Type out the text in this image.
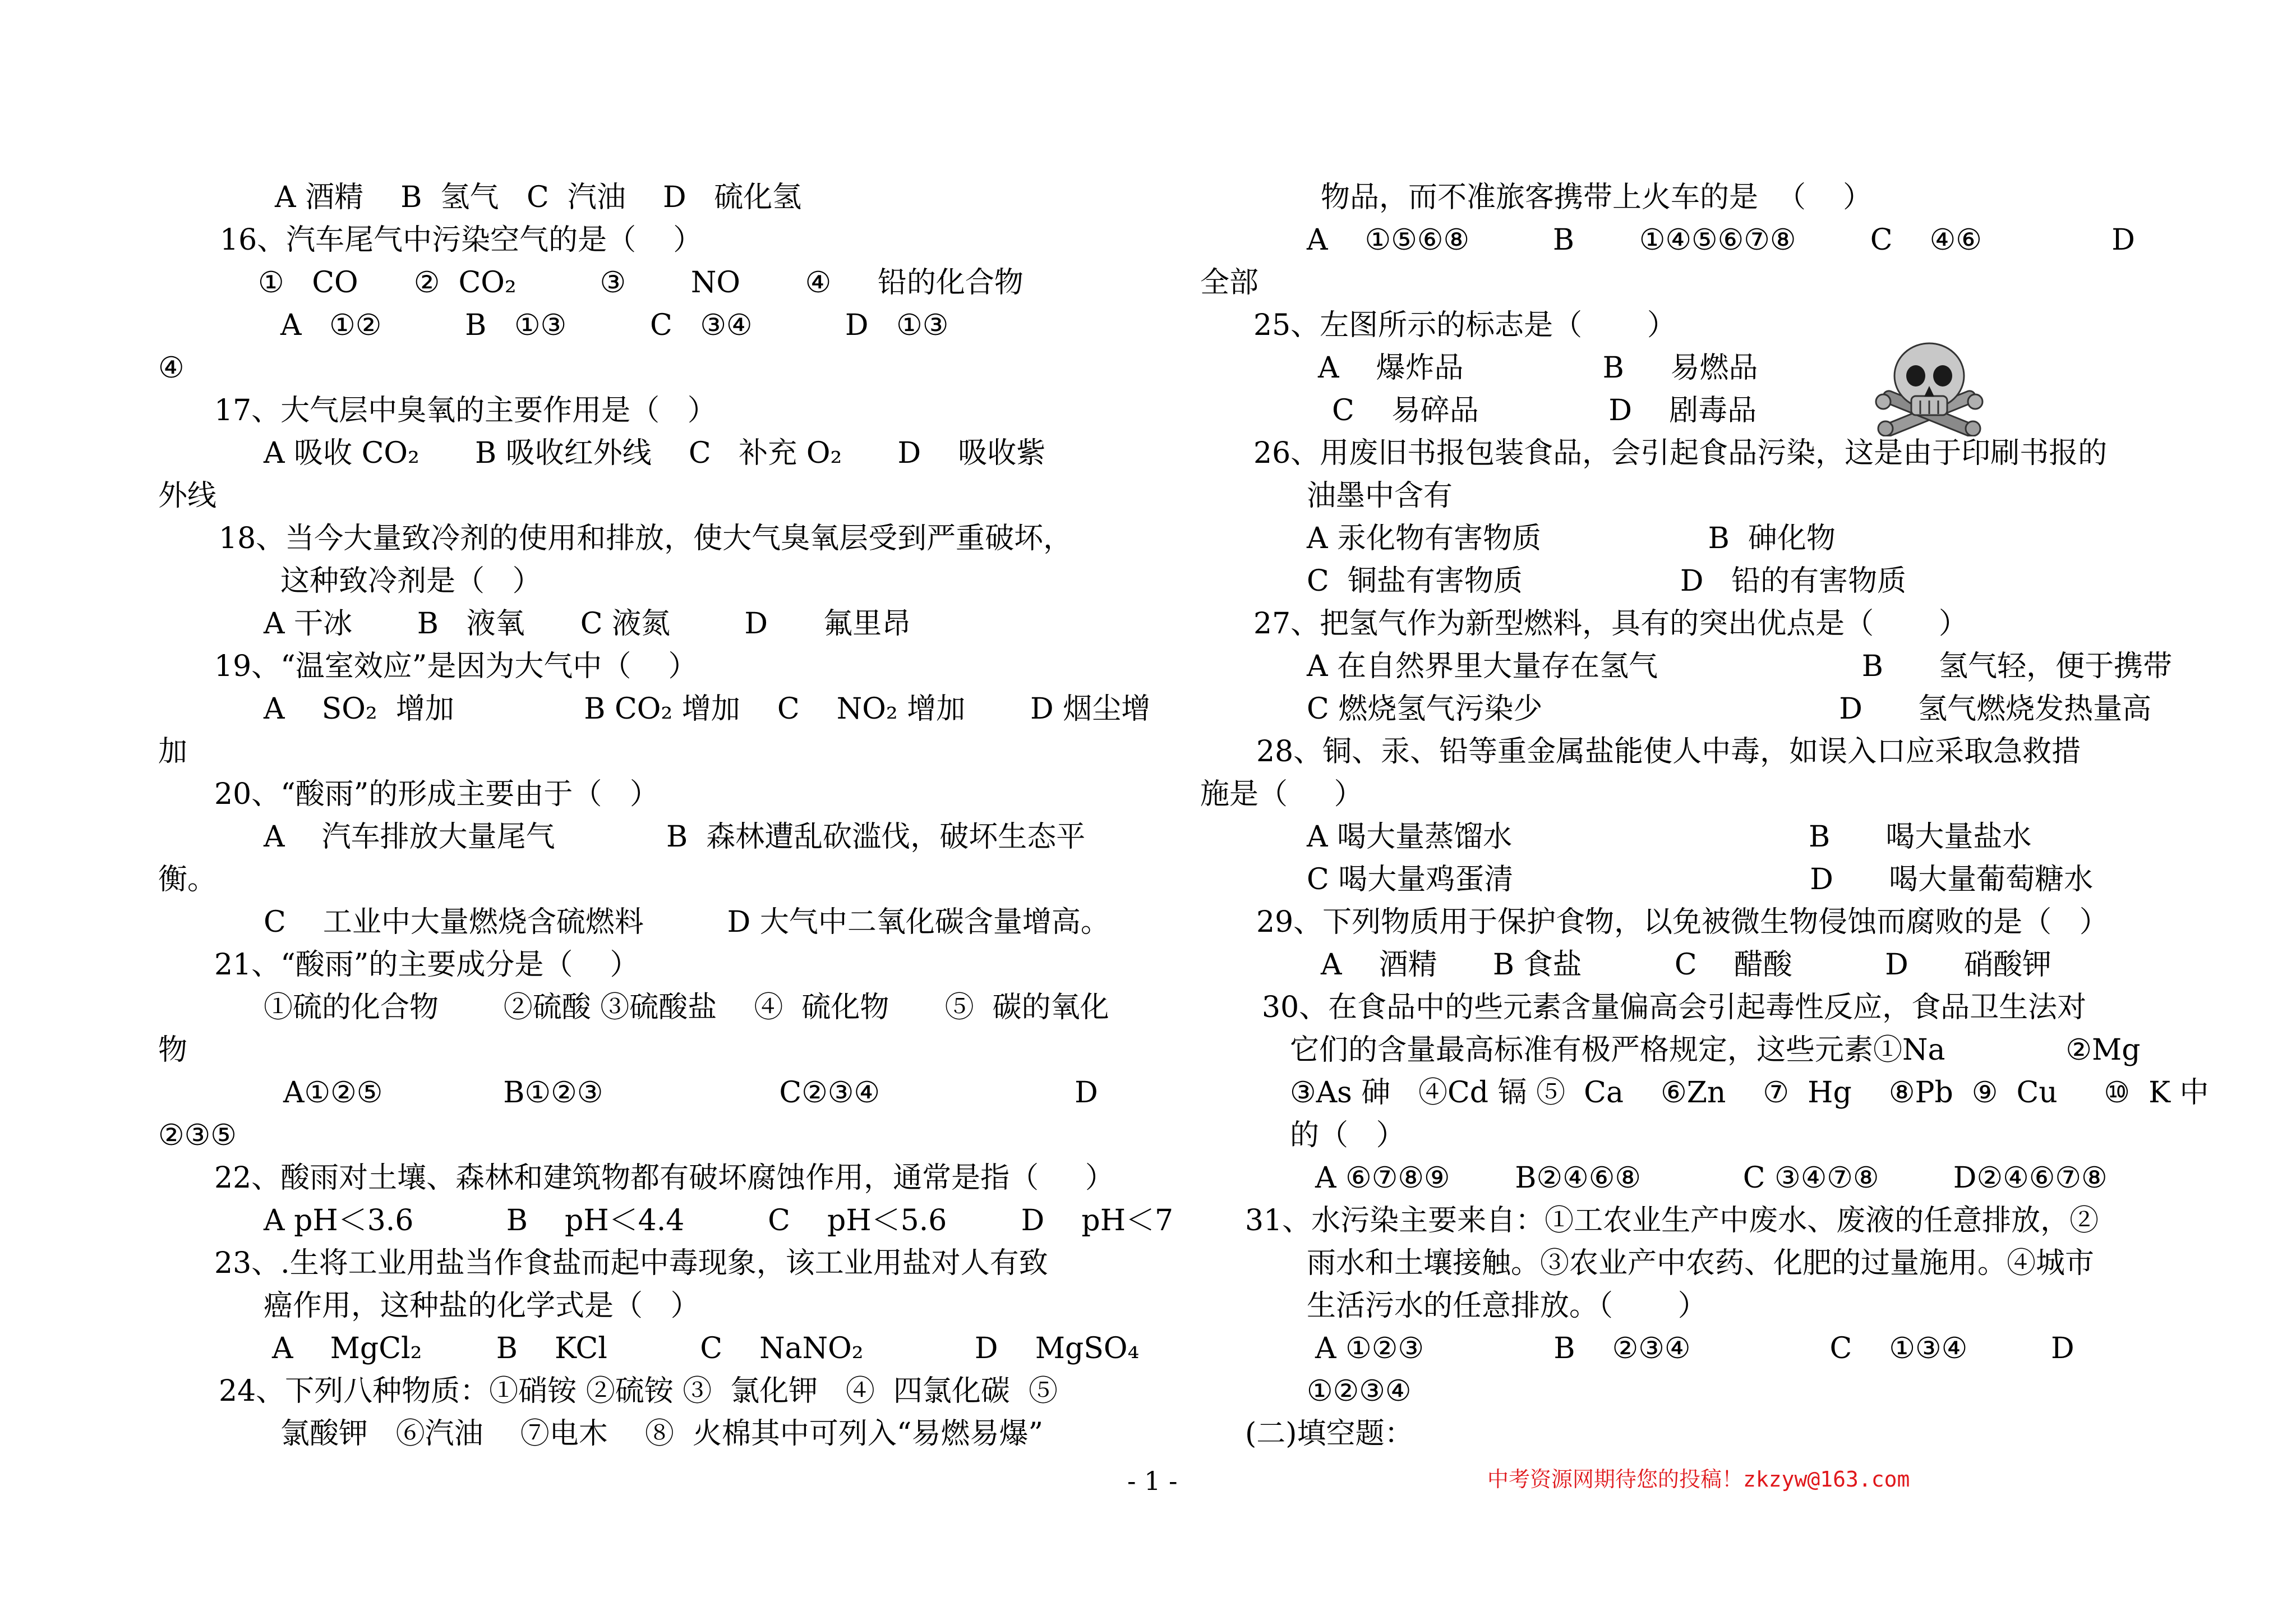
A 酒精    B  氢气   C  汽油    D   硫化氢
16、汽车尾气中污染空气的是（    ）
①   CO      ②  CO₂         ③       NO       ④     铅的化合物
A   ①②         B   ①③         C   ③④          D   ①③
④
17、大气层中臭氧的主要作用是（   ）
A 吸收 CO₂      B 吸收红外线    C   补充 O₂      D    吸收紫
外线
18、当今大量致冷剂的使用和排放，使大气臭氧层受到严重破坏，
这种致冷剂是（   ）
A 干冰       B   液氧      C 液氮        D      氟里昂
19、“温室效应”是因为大气中（    ）
A    SO₂  增加              B CO₂ 增加    C    NO₂ 增加       D 烟尘增
加
20、“酸雨”的形成主要由于（   ）
A    汽车排放大量尾气            B  森林遭乱砍滥伐，破坏生态平
衡。
C    工业中大量燃烧含硫燃料         D 大气中二氧化碳含量增高。
21、“酸雨”的主要成分是（    ）
①硫的化合物       ②硫酸 ③硫酸盐    ④  硫化物      ⑤  碳的氧化
物
A①②⑤             B①②③                   C②③④                     D
②③⑤
22、酸雨对土壤、森林和建筑物都有破坏腐蚀作用，通常是指（     ）
A pH＜3.6          B    pH＜4.4         C    pH＜5.6        D    pH＜7
23、.生将工业用盐当作食盐而起中毒现象，该工业用盐对人有致
癌作用，这种盐的化学式是（   ）
A    MgCl₂        B    KCl          C    NaNO₂            D    MgSO₄
24、下列八种物质：①硝铵 ②硫铵 ③  氯化钾   ④  四氯化碳  ⑤
氯酸钾   ⑥汽油    ⑦电木    ⑧  火棉其中可列入“易燃易爆”
物品，而不准旅客携带上火车的是  （    ）
A    ①⑤⑥⑧         B       ①④⑤⑥⑦⑧        C    ④⑥              D
全部
25、左图所示的标志是（       ）
A    爆炸品               B     易燃品
C    易碎品              D    剧毒品
26、用废旧书报包装食品，会引起食品污染，这是由于印刷书报的
油墨中含有
A 汞化物有害物质                  B  砷化物
C  铜盐有害物质                 D   铅的有害物质
27、把氢气作为新型燃料，具有的突出优点是（       ）
A 在自然界里大量存在氢气                      B      氢气轻，便于携带
C 燃烧氢气污染少                                D      氢气燃烧发热量高
28、铜、汞、铅等重金属盐能使人中毒，如误入口应采取急救措
施是（     ）
A 喝大量蒸馏水                                B      喝大量盐水
C 喝大量鸡蛋清                                D      喝大量葡萄糖水
29、下列物质用于保护食物，以免被微生物侵蚀而腐败的是（   ）
A    酒精      B 食盐          C    醋酸          D      硝酸钾
30、在食品中的些元素含量偏高会引起毒性反应，食品卫生法对
它们的含量最高标准有极严格规定，这些元素①Na             ②Mg
③As 砷   ④Cd 镉 ⑤  Ca    ⑥Zn    ⑦  Hg    ⑧Pb  ⑨  Cu     ⑩  K 中
的（   ）
A ⑥⑦⑧⑨       B②④⑥⑧           C ③④⑦⑧        D②④⑥⑦⑧
31、水污染主要来自：①工农业生产中废水、废液的任意排放，②
雨水和土壤接触。③农业产中农药、化肥的过量施用。④城市
生活污水的任意排放。（       ）
A ①②③              B    ②③④               C    ①③④         D
①②③④
(二)填空题：
- 1 -	中考资源网期待您的投稿！zkzyw@163.com
